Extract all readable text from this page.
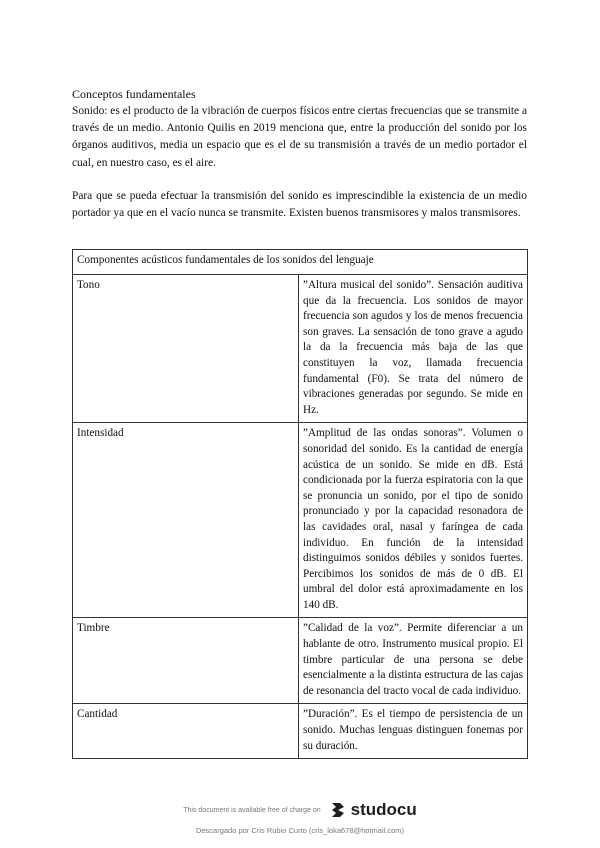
Conceptos fundamentales

Sonido: es el producto de la vibración de cuerpos físicos entre ciertas frecuencias que se transmite a través de un medio. Antonio Quilis en 2019 menciona que, entre la producción del sonido por los órganos auditivos, media un espacio que es el de su transmisión a través de un medio portador el cual, en nuestro caso, es el aire.

Para que se pueda efectuar la transmisión del sonido es imprescindible la existencia de un medio portador ya que en el vacío nunca se transmite. Existen buenos transmisores y malos transmisores.

Componentes acústicos fundamentales de los sonidos del lenguaje	
Tono	”Altura musical del sonido”. Sensación auditiva que da la frecuencia. Los sonidos de mayor frecuencia son agudos y los de menos frecuencia son graves. La sensación de tono grave a agudo la da la frecuencia más baja de las que constituyen la voz, llamada frecuencia fundamental (F0). Se trata del número de vibraciones generadas por segundo. Se mide en Hz.
Intensidad	”Amplitud de las ondas sonoras”. Volumen o sonoridad del sonido. Es la cantidad de energía acústica de un sonido. Se mide en dB. Está condicionada por la fuerza espiratoria con la que se pronuncia un sonido, por el tipo de sonido pronunciado y por la capacidad resonadora de las cavidades oral, nasal y faríngea de cada individuo. En función de la intensidad distinguimos sonidos débiles y sonidos fuertes. Percibimos los sonidos de más de 0 dB. El umbral del dolor está aproximadamente en los 140 dB.
Timbre	”Calidad de la voz”. Permite diferenciar a un hablante de otro. Instrumento musical propio. El timbre particular de una persona se debe esencialmente a la distinta estructura de las cajas de resonancia del tracto vocal de cada individuo.
Cantidad	”Duración”. Es el tiempo de persistencia de un sonido. Muchas lenguas distinguen fonemas por su duración.
This document is available free of charge on studocu
Descargado por Cris Rubio Curto (cris_loka678@hotmail.com)
